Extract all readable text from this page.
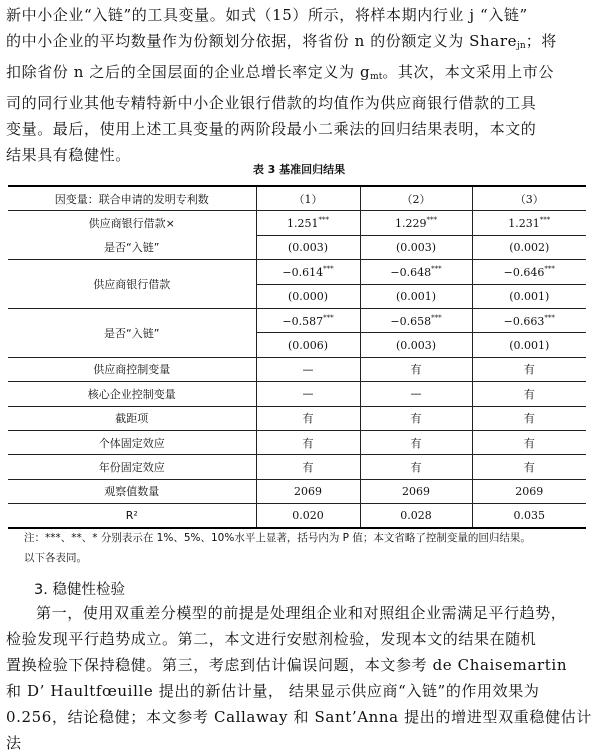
新中小企业“入链”的工具变量。如式（15）所示，将样本期内行业 j “入链”

的中小企业的平均数量作为份额划分依据，将省份 n 的份额定义为 Share$_{jn}$；将

扣除省份 n 之后的全国层面的企业总增长率定义为 $g_{mt}$。其次，本文采用上市公

司的同行业其他专精特新中小企业银行借款的均值作为供应商银行借款的工具

变量。最后，使用上述工具变量的两阶段最小二乘法的回归结果表明，本文的

结果具有稳健性。

表 3 基准回归结果
因变量：联合申请的发明专利数	（1）	（2）	（3）

供应商银行借款×
是否“入链”	1.251***	1.229***	1.231***
	(0.003)	(0.003)	(0.002)
供应商银行借款	−0.614***	−0.648***	−0.646***
	(0.000)	(0.001)	(0.001)
是否“入链”	−0.587***	−0.658***	−0.663***
	(0.006)	(0.003)	(0.001)
供应商控制变量	—	有	有
核心企业控制变量	—	—	有
截距项	有	有	有
个体固定效应	有	有	有
年份固定效应	有	有	有
观察值数量	2069	2069	2069
R²	0.020	0.028	0.035

注：***、**、* 分别表示在 1%、5%、10%水平上显著，括号内为 P 值；本文省略了控制变量的回归结果。

以下各表同。

3. 稳健性检验

第一，使用双重差分模型的前提是处理组企业和对照组企业需满足平行趋势，

检验发现平行趋势成立。第二，本文进行安慰剂检验，发现本文的结果在随机

置换检验下保持稳健。第三，考虑到估计偏误问题，本文参考 de Chaisemartin

和 D’ Haultfœuille 提出的新估计量， 结果显示供应商“入链”的作用效果为

0.256，结论稳健；本文参考 Callaway 和 Sant’Anna 提出的增进型双重稳健估计法
